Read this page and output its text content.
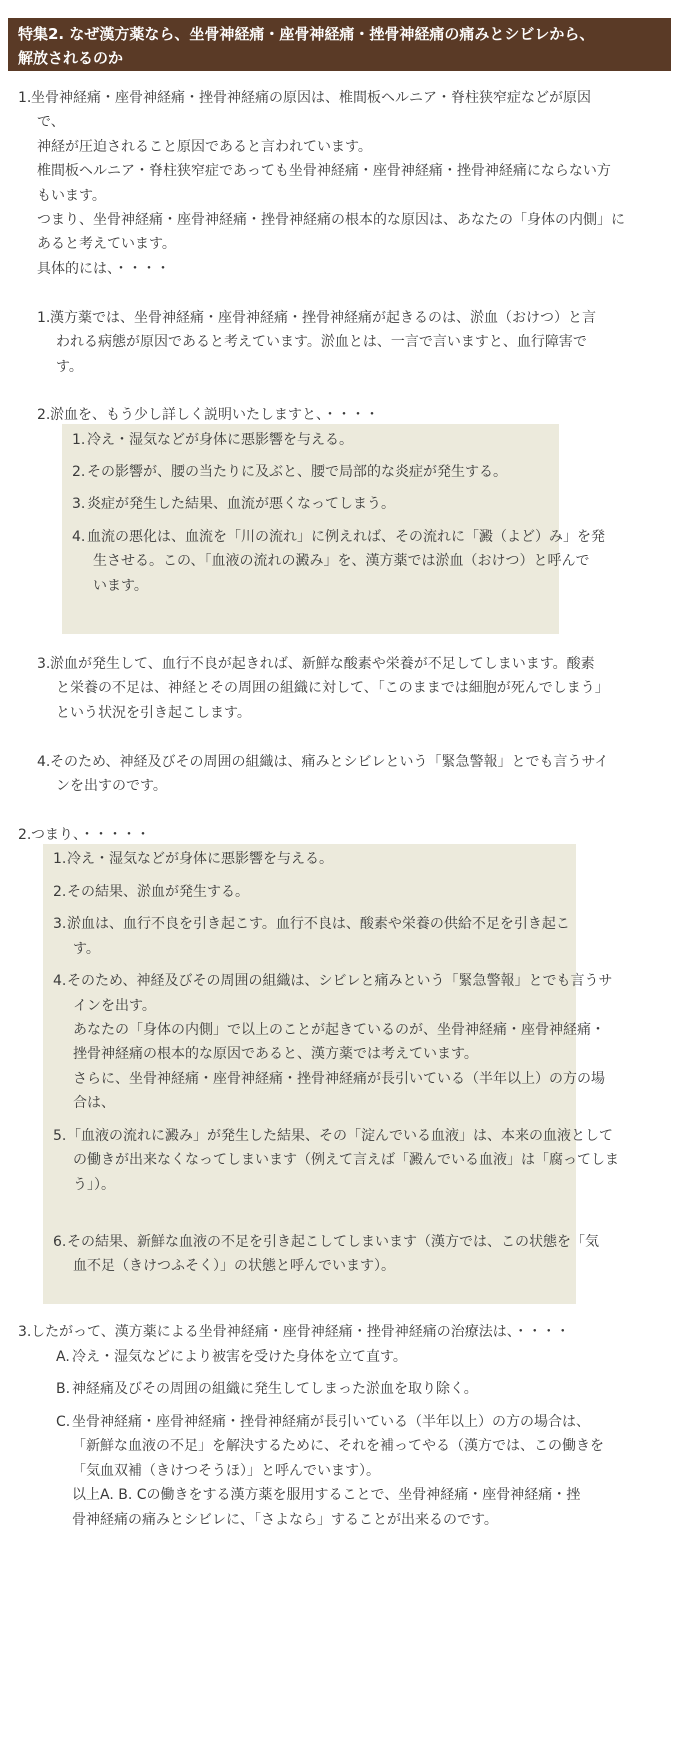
特集2. なぜ漢方薬なら、坐骨神経痛・座骨神経痛・挫骨神経痛の痛みとシビレから、
解放されるのか
1. 坐骨神経痛・座骨神経痛・挫骨神経痛の原因は、椎間板ヘルニア・脊柱狭窄症などが原因
で、
神経が圧迫されること原因であると言われています。
椎間板ヘルニア・脊柱狭窄症であっても坐骨神経痛・座骨神経痛・挫骨神経痛にならない方
もいます。
つまり、坐骨神経痛・座骨神経痛・挫骨神経痛の根本的な原因は、あなたの「身体の内側」に
あると考えています。
具体的には、・・・・
1. 漢方薬では、坐骨神経痛・座骨神経痛・挫骨神経痛が起きるのは、淤血（おけつ）と言
われる病態が原因であると考えています。淤血とは、一言で言いますと、血行障害で
す。
2. 淤血を、もう少し詳しく説明いたしますと、・・・・
1. 冷え・湿気などが身体に悪影響を与える。
2. その影響が、腰の当たりに及ぶと、腰で局部的な炎症が発生する。
3. 炎症が発生した結果、血流が悪くなってしまう。
4. 血流の悪化は、血流を「川の流れ」に例えれば、その流れに「澱（よど）み」を発
生させる。この、「血液の流れの澱み」を、漢方薬では淤血（おけつ）と呼んで
います。
3. 淤血が発生して、血行不良が起きれば、新鮮な酸素や栄養が不足してしまいます。酸素
と栄養の不足は、神経とその周囲の組織に対して、「このままでは細胞が死んでしまう」
という状況を引き起こします。
4. そのため、神経及びその周囲の組織は、痛みとシビレという「緊急警報」とでも言うサイ
ンを出すのです。
2. つまり、・・・・・
1. 冷え・湿気などが身体に悪影響を与える。
2. その結果、淤血が発生する。
3. 淤血は、血行不良を引き起こす。血行不良は、酸素や栄養の供給不足を引き起こ
す。
4. そのため、神経及びその周囲の組織は、シビレと痛みという「緊急警報」とでも言うサ
インを出す。
あなたの「身体の内側」で以上のことが起きているのが、坐骨神経痛・座骨神経痛・
挫骨神経痛の根本的な原因であると、漢方薬では考えています。
さらに、坐骨神経痛・座骨神経痛・挫骨神経痛が長引いている（半年以上）の方の場
合は、
5. 「血液の流れに澱み」が発生した結果、その「淀んでいる血液」は、本来の血液として
の働きが出来なくなってしまいます（例えて言えば「澱んでいる血液」は「腐ってしま
う」）。
6. その結果、新鮮な血液の不足を引き起こしてしまいます（漢方では、この状態を「気
血不足（きけつふそく）」の状態と呼んでいます）。
3. したがって、漢方薬による坐骨神経痛・座骨神経痛・挫骨神経痛の治療法は、・・・・
A. 冷え・湿気などにより被害を受けた身体を立て直す。
B. 神経痛及びその周囲の組織に発生してしまった淤血を取り除く。
C. 坐骨神経痛・座骨神経痛・挫骨神経痛が長引いている（半年以上）の方の場合は、
「新鮮な血液の不足」を解決するために、それを補ってやる（漢方では、この働きを
「気血双補（きけつそうほ）」と呼んでいます）。
以上A. B. Cの働きをする漢方薬を服用することで、坐骨神経痛・座骨神経痛・挫
骨神経痛の痛みとシビレに、「さよなら」することが出来るのです。
